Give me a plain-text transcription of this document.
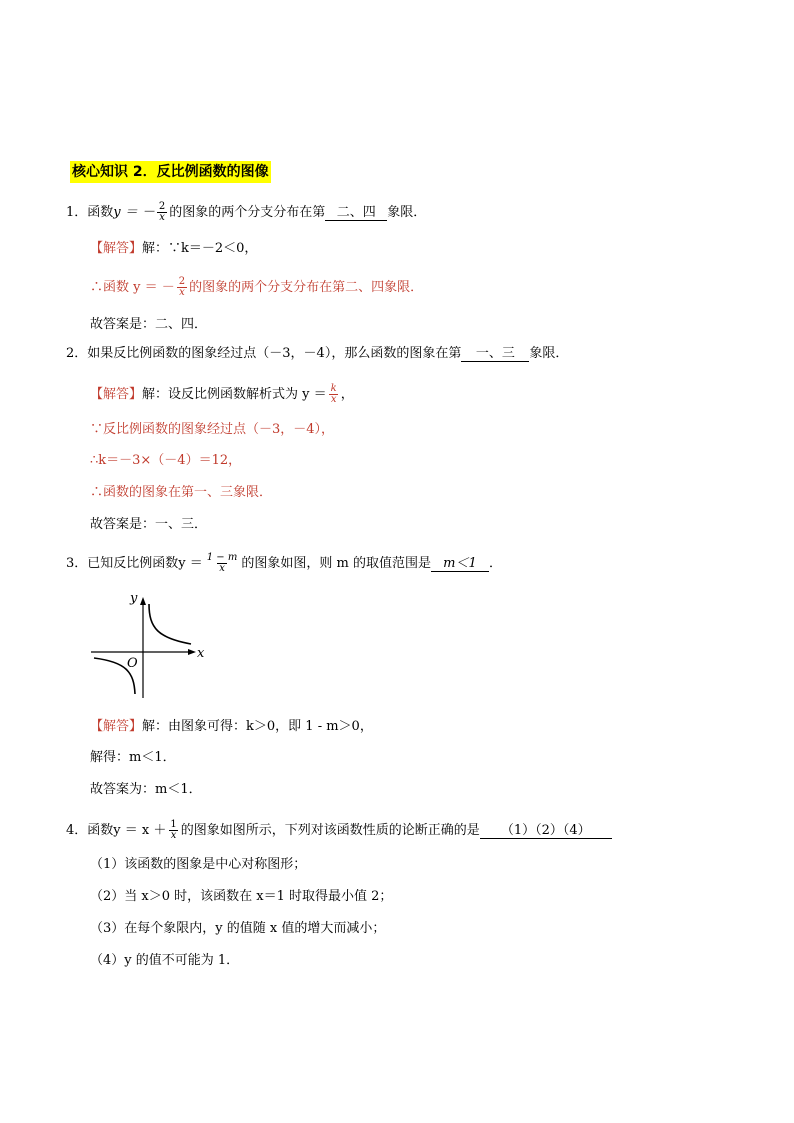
核心知识 2．反比例函数的图像
1．函数y ＝ － $\frac{2}{x}$ 的图象的两个分支分布在第 二、四 象限．
【解答】解：∵k＝－2＜0，
∴函数 y ＝ － $\frac{2}{x}$ 的图象的两个分支分布在第二、四象限．
故答案是：二、四．
2．如果反比例函数的图象经过点（－3，－4），那么函数的图象在第 一、三 象限．
【解答】解：设反比例函数解析式为 $y = \frac{k}{x}$ ，
∵反比例函数的图象经过点（－3，－4），
∴k＝－3×（－4）＝12，
∴函数的图象在第一、三象限．
故答案是：一、三．
3．已知反比例函数$y = \frac{1 - m}{x}$ 的图象如图，则 m 的取值范围是 m＜1 ．
y
x
O
【解答】解：由图象可得：k＞0，即 1 - m＞0，
解得：m＜1．
故答案为：m＜1．
4．函数$y = x + \frac{1}{x}$ 的图象如图所示，下列对该函数性质的论断正确的是 （1）（2）（4）
（1）该函数的图象是中心对称图形；
（2）当 x＞0 时，该函数在 x＝1 时取得最小值 2；
（3）在每个象限内，y 的值随 x 值的增大而减小；
（4）y 的值不可能为 1．
